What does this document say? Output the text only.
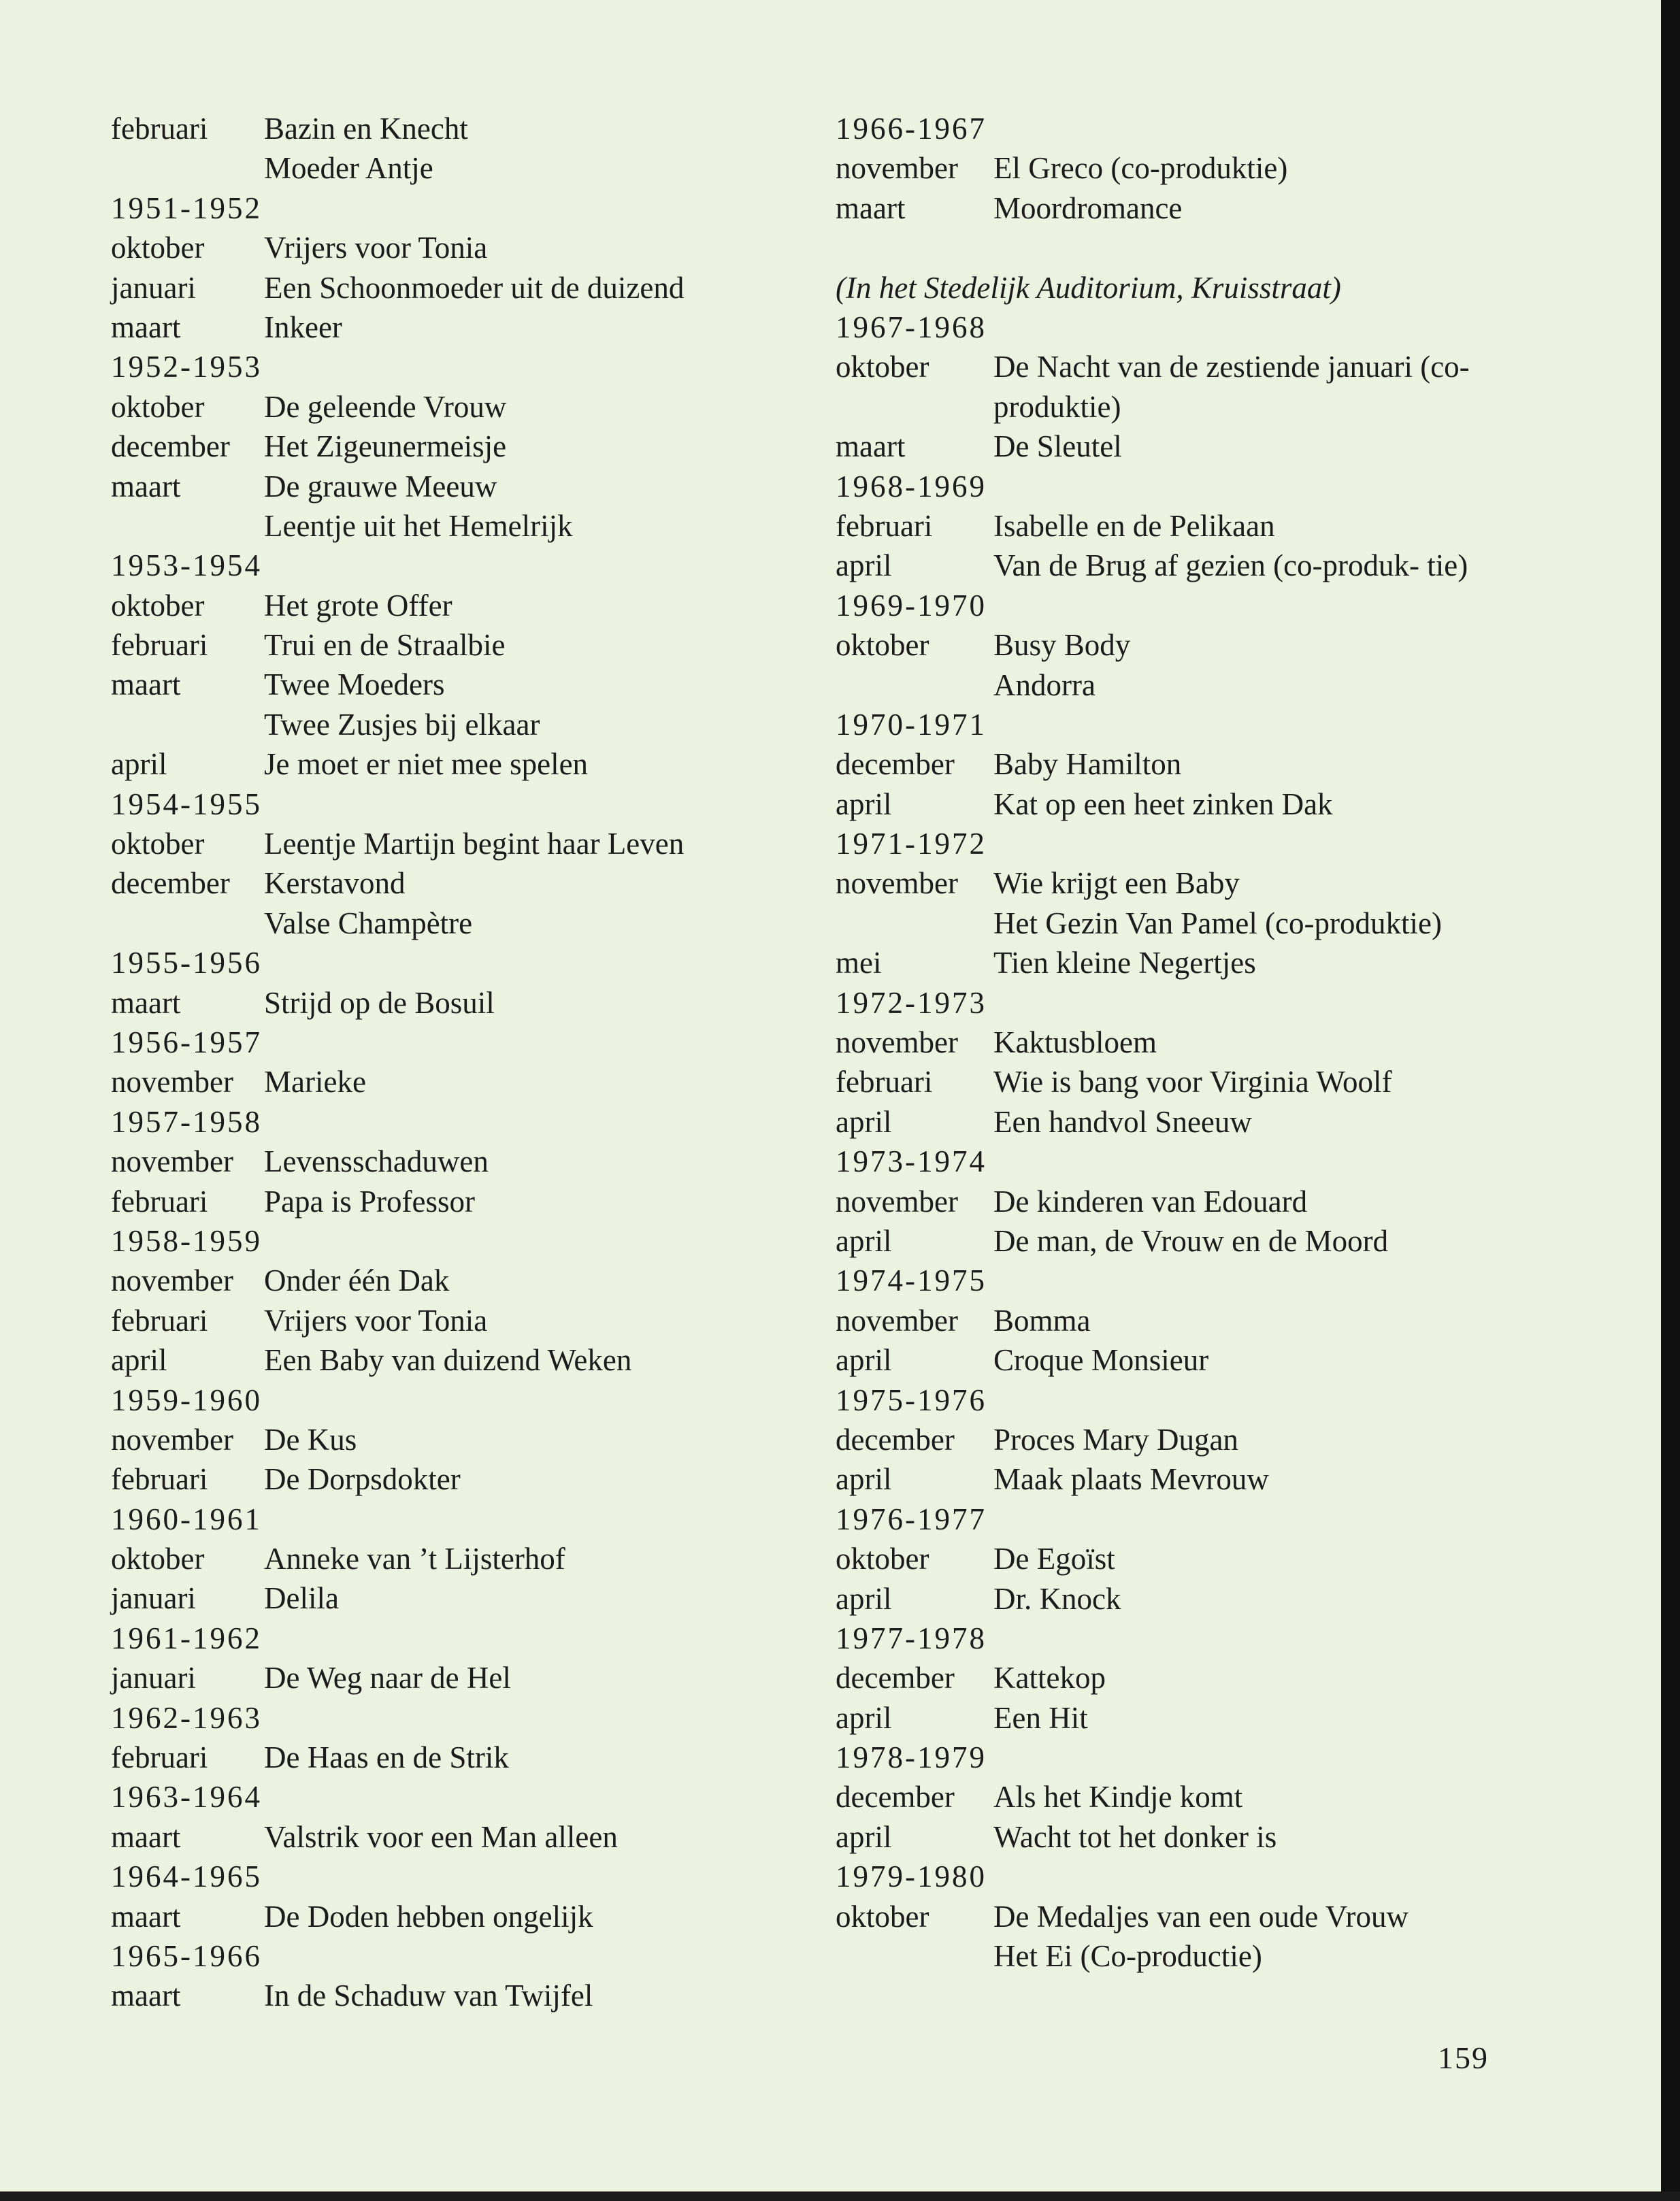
februari	Bazin en Knecht
Moeder Antje
1951-1952
oktober	Vrijers voor Tonia
januari	Een Schoonmoeder uit de duizend
maart	Inkeer
1952-1953
oktober	De geleende Vrouw
december	Het Zigeunermeisje
maart	De grauwe Meeuw
Leentje uit het Hemelrijk
1953-1954
oktober	Het grote Offer
februari	Trui en de Straalbie
maart	Twee Moeders
Twee Zusjes bij elkaar
april	Je moet er niet mee spelen
1954-1955
oktober	Leentje Martijn begint haar Leven
december	Kerstavond
Valse Champètre
1955-1956
maart	Strijd op de Bosuil
1956-1957
november	Marieke
1957-1958
november	Levensschaduwen
februari	Papa is Professor
1958-1959
november	Onder één Dak
februari	Vrijers voor Tonia
april	Een Baby van duizend Weken
1959-1960
november	De Kus
februari	De Dorpsdokter
1960-1961
oktober	Anneke van ’t Lijsterhof
januari	Delila
1961-1962
januari	De Weg naar de Hel
1962-1963
februari	De Haas en de Strik
1963-1964
maart	Valstrik voor een Man alleen
1964-1965
maart	De Doden hebben ongelijk
1965-1966
maart	In de Schaduw van Twijfel
1966-1967
november	El Greco (co-produktie)
maart	Moordromance
(In het Stedelijk Auditorium, Kruisstraat)
1967-1968
oktober	De Nacht van de zestiende januari (co-produktie)
maart	De Sleutel
1968-1969
februari	Isabelle en de Pelikaan
april	Van de Brug af gezien (co-produk- tie)
1969-1970
oktober	Busy Body
Andorra
1970-1971
december	Baby Hamilton
april	Kat op een heet zinken Dak
1971-1972
november	Wie krijgt een Baby
Het Gezin Van Pamel (co-produktie)
mei	Tien kleine Negertjes
1972-1973
november	Kaktusbloem
februari	Wie is bang voor Virginia Woolf
april	Een handvol Sneeuw
1973-1974
november	De kinderen van Edouard
april	De man, de Vrouw en de Moord
1974-1975
november	Bomma
april	Croque Monsieur
1975-1976
december	Proces Mary Dugan
april	Maak plaats Mevrouw
1976-1977
oktober	De Egoïst
april	Dr. Knock
1977-1978
december	Kattekop
april	Een Hit
1978-1979
december	Als het Kindje komt
april	Wacht tot het donker is
1979-1980
oktober	De Medaljes van een oude Vrouw
Het Ei (Co-productie)
159
